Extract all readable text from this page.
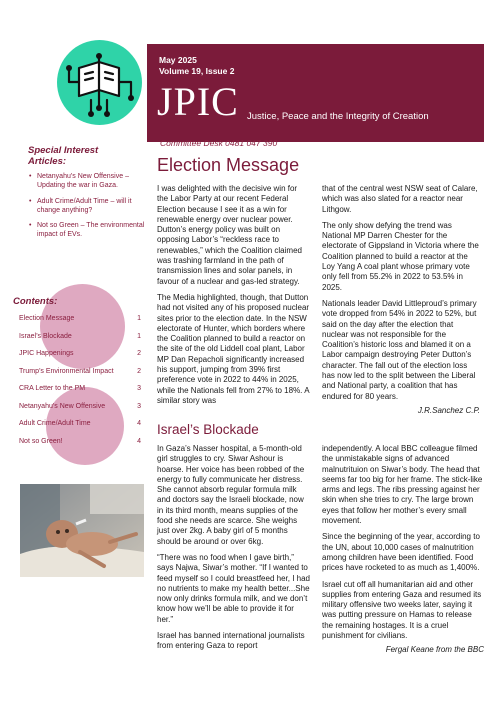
May 2025
Volume 19, Issue 2
JPIC Justice, Peace and the Integrity of Creation
Committee Desk 0481 047 390
Special Interest Articles:
• Netanyahu’s New Offensive – Updating the war in Gaza.
• Adult Crime/Adult Time – will it change anything?
• Not so Green – The environmental impact of EVs.
Contents:
Election Message	1
Israel’s Blockade	1
JPIC Happenings	2
Trump’s Environmental Impact	2
CRA Letter to the PM	3
Netanyahu’s New Offensive	3
Adult Crime/Adult Time	4
Not so Green!	4
Election Message

I was delighted with the decisive win for the Labor Party at our recent Federal Election because I see it as a win for renewable energy over nuclear power. Dutton’s energy policy was built on opposing Labor’s “reckless race to renewables,” which the Coalition claimed was trashing farmland in the path of transmission lines and solar panels, in favour of a nuclear and gas-led strategy.

The Media highlighted, though, that Dutton had not visited any of his proposed nuclear sites prior to the election date. In the NSW electorate of Hunter, which borders where the Coalition planned to build a reactor on the site of the old Liddell coal plant, Labor MP Dan Repacholi significantly increased his support, jumping from 39% first preference vote in 2022 to 44% in 2025, while the Nationals fell from 27% to 18%. A similar story was

that of the central west NSW seat of Calare, which was also slated for a reactor near Lithgow.

The only show defying the trend was National MP Darren Chester for the electorate of Gippsland in Victoria where the Coalition planned to build a reactor at the Loy Yang A coal plant whose primary vote only fell from 55.2% in 2022 to 53.5% in 2025.

Nationals leader David Littleproud’s primary vote dropped from 54% in 2022 to 52%, but said on the day after the election that nuclear was not responsible for the Coalition’s historic loss and blamed it on a Labor campaign destroying Peter Dutton’s character. The fall out of the election loss has now led to the split between the Liberal and National party, a coalition that has endured for 80 years.

J.R.Sanchez C.P.
Israel’s Blockade

In Gaza’s Nasser hospital, a 5-month-old girl struggles to cry. Siwar Ashour is hoarse. Her voice has been robbed of the energy to fully communicate her distress. She cannot absorb regular formula milk and doctors say the Israeli blockade, now in its third month, means supplies of the food she needs are scarce. She weighs just over 2kg. A baby girl of 5 months should be around or over 6kg.

“There was no food when I gave birth,” says Najwa, Siwar’s mother. “If I wanted to feed myself so I could breastfeed her, I had no nutrients to make my health better...She now only drinks formula milk, and we don’t know how we’ll be able to provide it for her.”

Israel has banned international journalists from entering Gaza to report

independently. A local BBC colleague filmed the unmistakable signs of advanced malnutrituion on Siwar’s body. The head that seems far too big for her frame. The stick-like arms and legs. The ribs pressing against her skin when she tries to cry. The large brown eyes that follow her mother’s every small movement.

Since the beginning of the year, according to the UN, about 10,000 cases of malnutrition among children have been identified. Food prices have rocketed to as much as 1,400%.

Israel cut off all humanitarian aid and other supplies from entering Gaza and resumed its military offensive two weeks later, saying it was putting pressure on Hamas to release the remaining hostages. It is a cruel punishment for civilians.

Fergal Keane from the BBC
